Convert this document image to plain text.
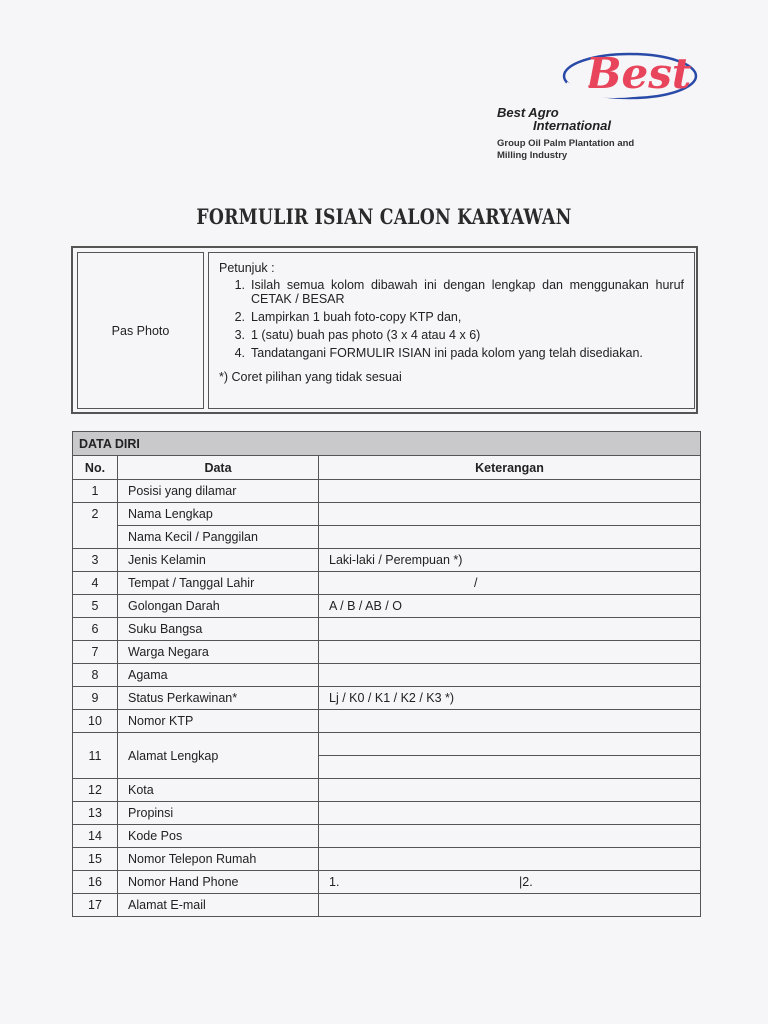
Best
Best Agro
International
Group Oil Palm Plantation and
Milling Industry
FORMULIR ISIAN CALON KARYAWAN
Pas Photo
Petunjuk :
1. Isilah semua kolom dibawah ini dengan lengkap dan menggunakan huruf CETAK / BESAR
2. Lampirkan 1 buah foto-copy KTP dan,
3. 1 (satu) buah pas photo (3 x 4 atau 4 x 6)
4. Tandatangani FORMULIR ISIAN ini pada kolom yang telah disediakan.
*) Coret pilihan yang tidak sesuai
DATA DIRI		
No.	Data	Keterangan
1	Posisi yang dilamar	
2	Nama Lengkap	
	Nama Kecil / Panggilan	
3	Jenis Kelamin	Laki-laki / Perempuan *)
4	Tempat / Tanggal Lahir	/
5	Golongan Darah	A / B / AB / O
6	Suku Bangsa	
7	Warga Negara	
8	Agama	
9	Status Perkawinan*	Lj / K0 / K1 / K2 / K3 *)
10	Nomor KTP	
11	Alamat Lengkap	

12	Kota	
13	Propinsi	
14	Kode Pos	
15	Nomor Telepon Rumah	
16	Nomor Hand Phone	1. |2.

17	Alamat E-mail	
